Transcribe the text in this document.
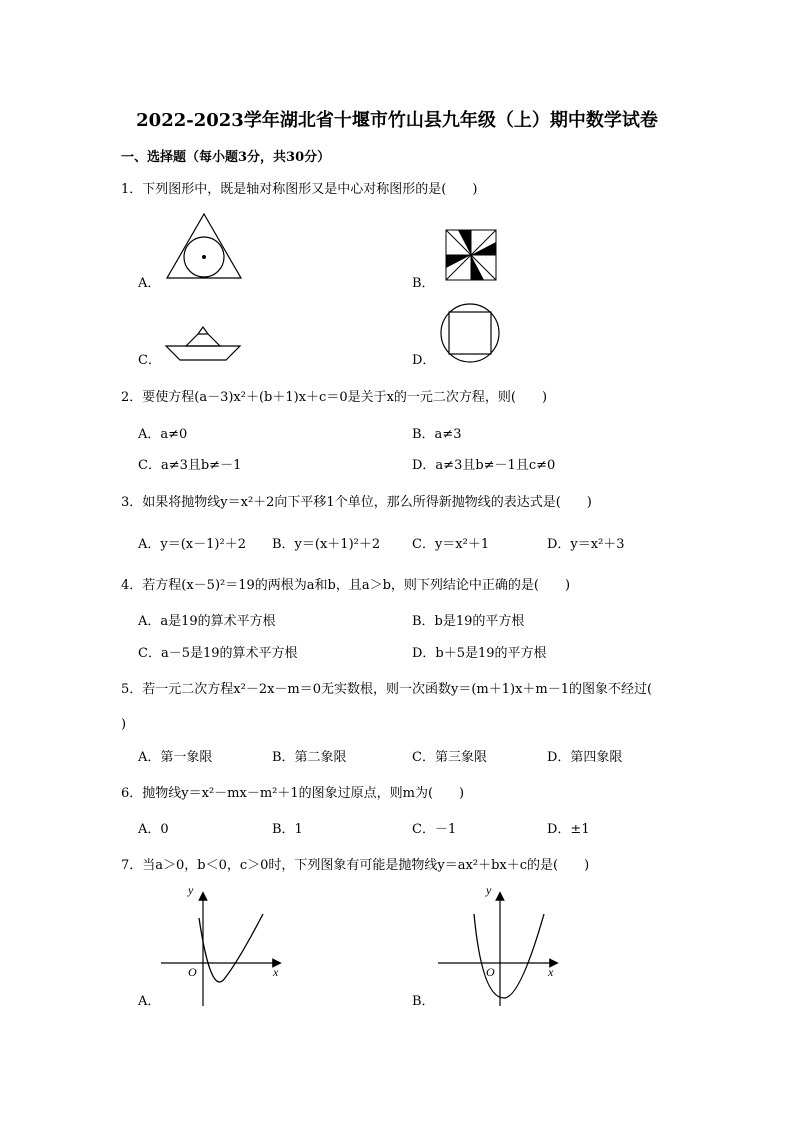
2022-2023学年湖北省十堰市竹山县九年级（上）期中数学试卷
一、选择题（每小题3分，共30分）
1．下列图形中，既是轴对称图形又是中心对称图形的是(　　)
A．	B．
C．	D．
2．要使方程(a－3)x²＋(b＋1)x＋c＝0是关于x的一元二次方程，则(　　)
A．a≠0	B．a≠3
C．a≠3且b≠－1	D．a≠3且b≠－1且c≠0
3．如果将抛物线y＝x²＋2向下平移1个单位，那么所得新抛物线的表达式是(　　)
A．y＝(x－1)²＋2 B．y＝(x＋1)²＋2 C．y＝x²＋1	D．y＝x²＋3
4．若方程(x－5)²＝19的两根为a和b，且a＞b，则下列结论中正确的是(　　)
A．a是19的算术平方根	B．b是19的平方根
C．a－5是19的算术平方根	D．b＋5是19的平方根
5．若一元二次方程x²－2x－m＝0无实数根，则一次函数y＝(m＋1)x＋m－1的图象不经过(
)
A．第一象限	B．第二象限	C．第三象限	D．第四象限
6．抛物线y＝x²－mx－m²＋1的图象过原点，则m为(　　)
A．0	B．1	C．－1	D．±1
7．当a＞0，b＜0，c＞0时，下列图象有可能是抛物线y＝ax²＋bx＋c的是(　　)
y
x
O
A．
y
x
O
B．
